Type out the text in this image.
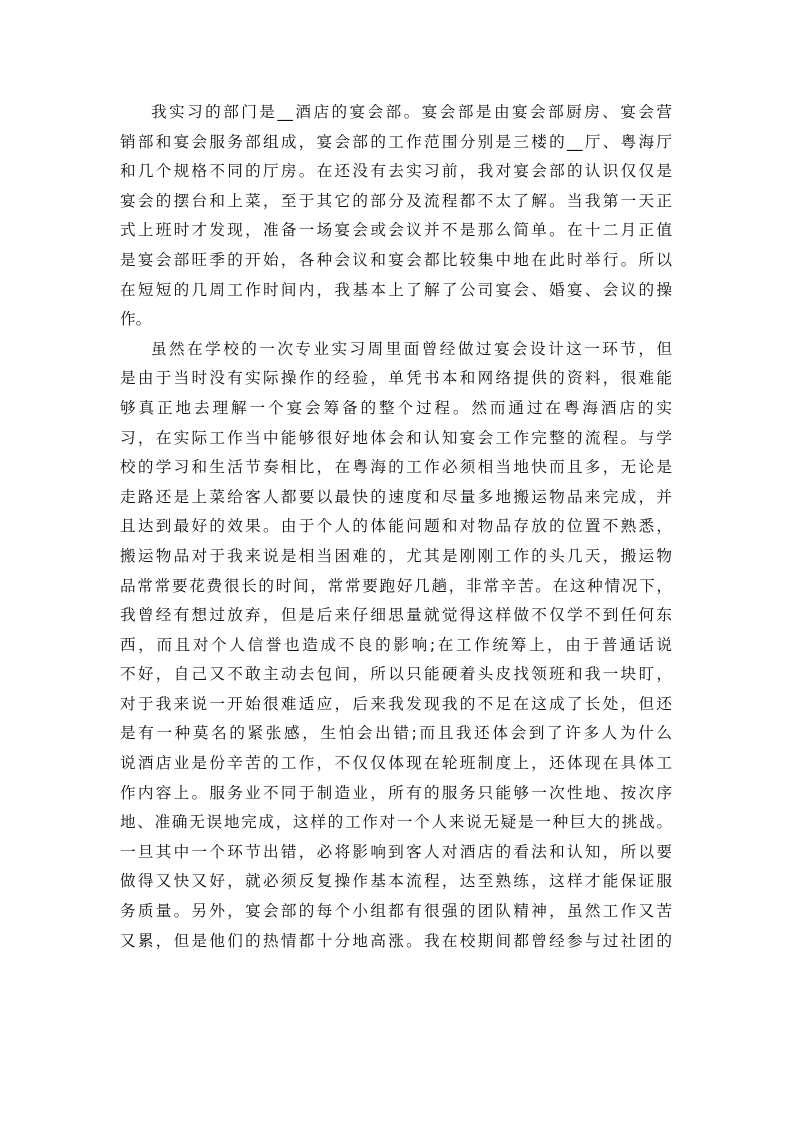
我实习的部门是__酒店的宴会部。宴会部是由宴会部厨房、宴会营
销部和宴会服务部组成，宴会部的工作范围分别是三楼的__厅、粤海厅
和几个规格不同的厅房。在还没有去实习前，我对宴会部的认识仅仅是
宴会的摆台和上菜，至于其它的部分及流程都不太了解。当我第一天正
式上班时才发现，准备一场宴会或会议并不是那么简单。在十二月正值
是宴会部旺季的开始，各种会议和宴会都比较集中地在此时举行。所以
在短短的几周工作时间内，我基本上了解了公司宴会、婚宴、会议的操
作。
虽然在学校的一次专业实习周里面曾经做过宴会设计这一环节，但
是由于当时没有实际操作的经验，单凭书本和网络提供的资料，很难能
够真正地去理解一个宴会筹备的整个过程。然而通过在粤海酒店的实
习，在实际工作当中能够很好地体会和认知宴会工作完整的流程。与学
校的学习和生活节奏相比，在粤海的工作必须相当地快而且多，无论是
走路还是上菜给客人都要以最快的速度和尽量多地搬运物品来完成，并
且达到最好的效果。由于个人的体能问题和对物品存放的位置不熟悉，
搬运物品对于我来说是相当困难的，尤其是刚刚工作的头几天，搬运物
品常常要花费很长的时间，常常要跑好几趟，非常辛苦。在这种情况下，
我曾经有想过放弃，但是后来仔细思量就觉得这样做不仅学不到任何东
西，而且对个人信誉也造成不良的影响;在工作统筹上，由于普通话说
不好，自己又不敢主动去包间，所以只能硬着头皮找领班和我一块盯，
对于我来说一开始很难适应，后来我发现我的不足在这成了长处，但还
是有一种莫名的紧张感，生怕会出错;而且我还体会到了许多人为什么
说酒店业是份辛苦的工作，不仅仅体现在轮班制度上，还体现在具体工
作内容上。服务业不同于制造业，所有的服务只能够一次性地、按次序
地、准确无误地完成，这样的工作对一个人来说无疑是一种巨大的挑战。
一旦其中一个环节出错，必将影响到客人对酒店的看法和认知，所以要
做得又快又好，就必须反复操作基本流程，达至熟练，这样才能保证服
务质量。另外，宴会部的每个小组都有很强的团队精神，虽然工作又苦
又累，但是他们的热情都十分地高涨。我在校期间都曾经参与过社团的
